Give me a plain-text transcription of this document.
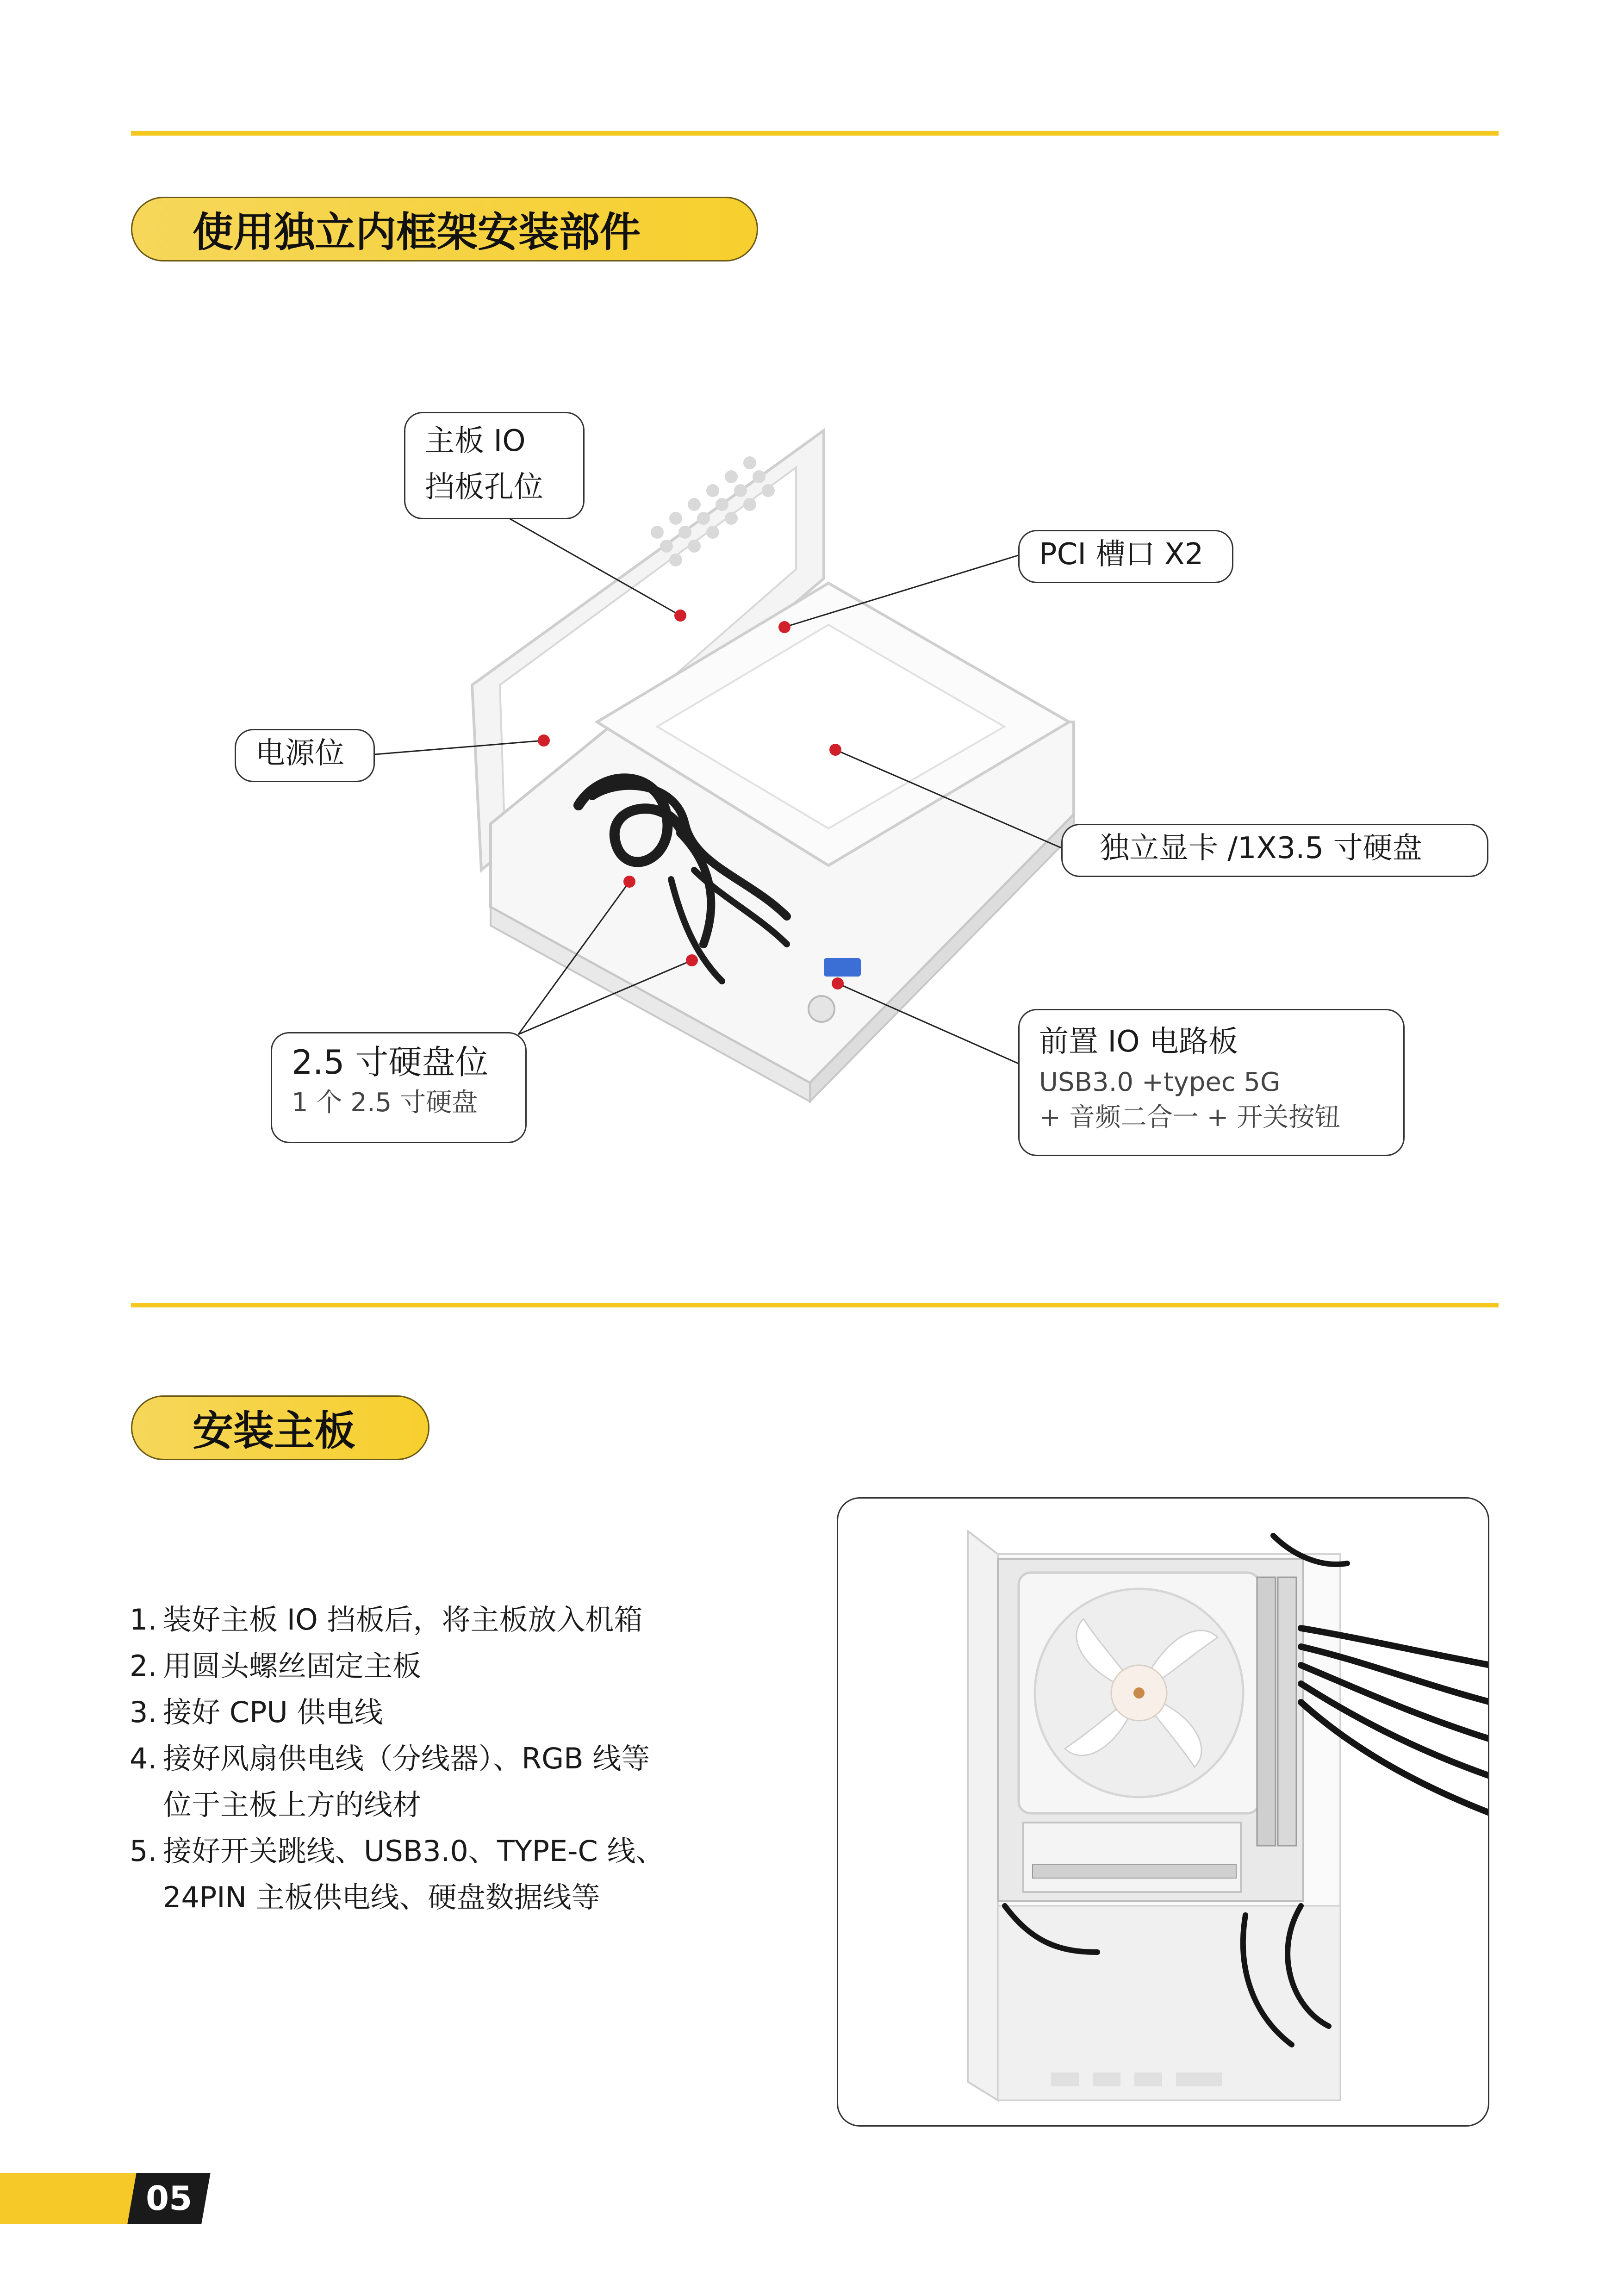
使用独立内框架安装部件
主板 IO
挡板孔位
PCI 槽口 X2
电源位
独立显卡 /1X3.5 寸硬盘
2.5 寸硬盘位
1 个 2.5 寸硬盘
前置 IO 电路板
USB3.0 +typec 5G
+ 音频二合一 + 开关按钮
安装主板
1. 装好主板 IO 挡板后，将主板放入机箱
2. 用圆头螺丝固定主板
3. 接好 CPU 供电线
4. 接好风扇供电线（分线器）、RGB 线等
位于主板上方的线材
5. 接好开关跳线、USB3.0、TYPE-C 线、
24PIN 主板供电线、硬盘数据线等
05
